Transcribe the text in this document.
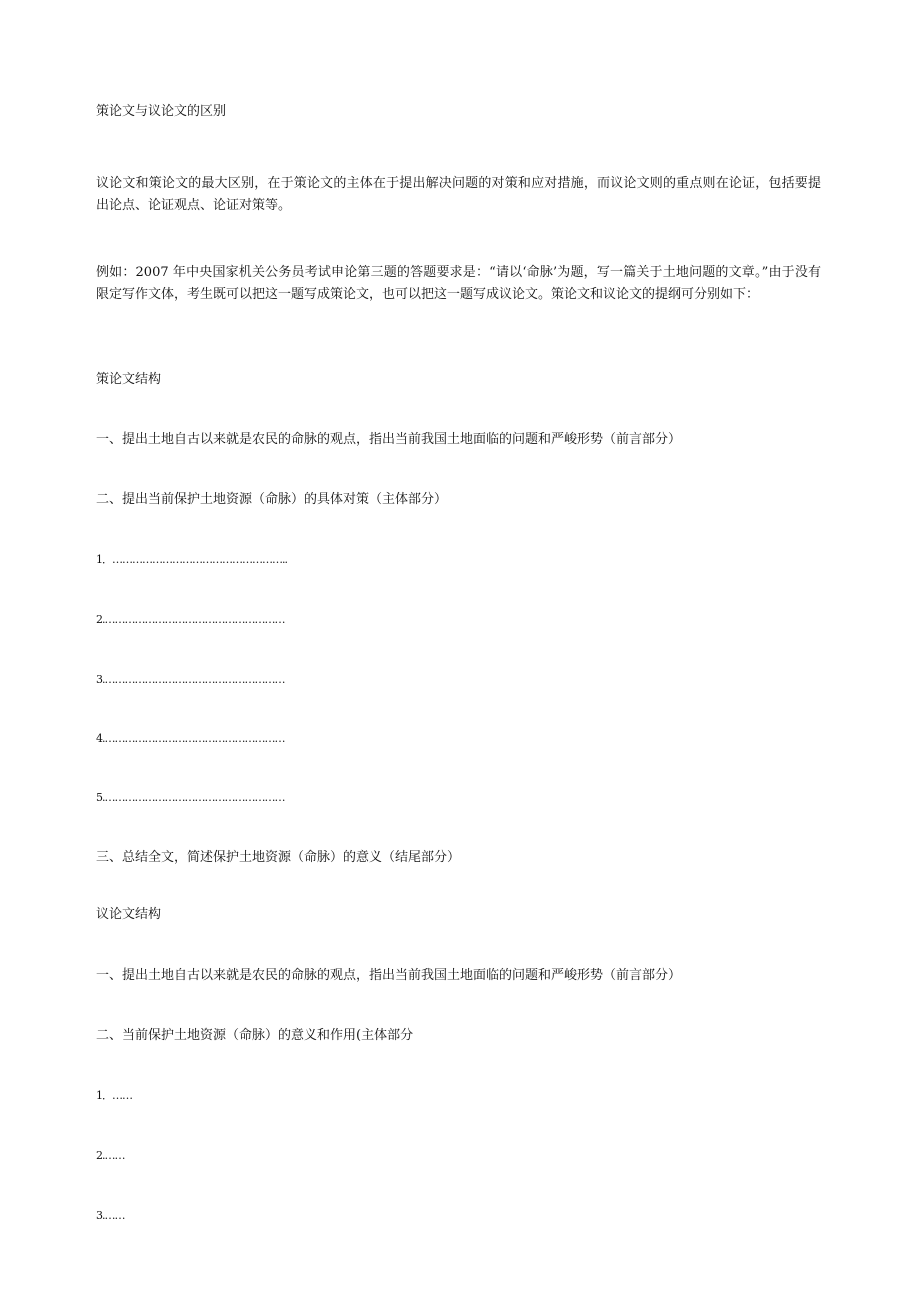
策论文与议论文的区别
议论文和策论文的最大区别，在于策论文的主体在于提出解决问题的对策和应对措施，而议论文则的重点则在论证，包括要提出论点、论证观点、论证对策等。
例如：2007 年中央国家机关公务员考试申论第三题的答题要求是：“请以‘命脉’为题，写一篇关于土地问题的文章。”由于没有限定写作文体，考生既可以把这一题写成策论文，也可以把这一题写成议论文。策论文和议论文的提纲可分别如下：
策论文结构
一、提出土地自古以来就是农民的命脉的观点，指出当前我国土地面临的问题和严峻形势（前言部分）
二、提出当前保护土地资源（命脉）的具体对策（主体部分）
1．……………………………………………..
2.………………………………………………
3.………………………………………………
4.………………………………………………
5.………………………………………………
三、总结全文，简述保护土地资源（命脉）的意义（结尾部分）
议论文结构
一、提出土地自古以来就是农民的命脉的观点，指出当前我国土地面临的问题和严峻形势（前言部分）
二、当前保护土地资源（命脉）的意义和作用(主体部分
1．……
2.……
3.……
